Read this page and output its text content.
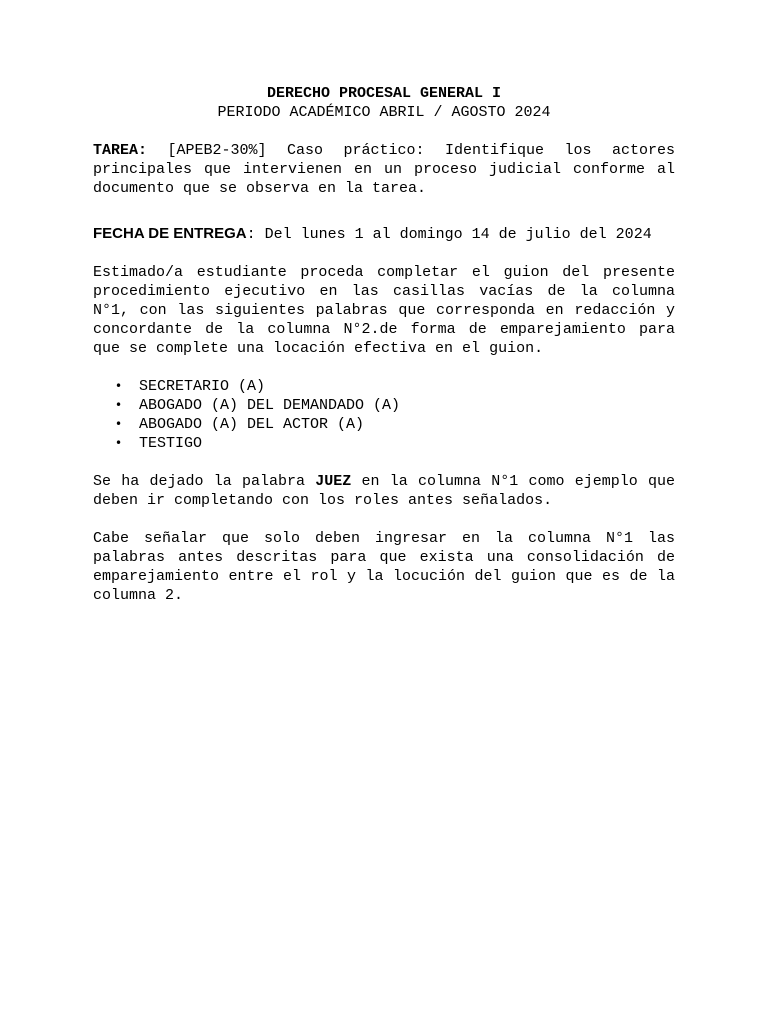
DERECHO PROCESAL GENERAL I
PERIODO ACADÉMICO ABRIL / AGOSTO 2024

TAREA: [APEB2-30%] Caso práctico: Identifique los actores principales que intervienen en un proceso judicial conforme al documento que se observa en la tarea.

FECHA DE ENTREGA: Del lunes 1 al domingo 14 de julio del 2024

Estimado/a estudiante proceda completar el guion del presente procedimiento ejecutivo en las casillas vacías de la columna N°1, con las siguientes palabras que corresponda en redacción y concordante de la columna N°2.de forma de emparejamiento para que se complete una locación efectiva en el guion.

• SECRETARIO (A)
• ABOGADO (A) DEL DEMANDADO (A)
• ABOGADO (A) DEL ACTOR (A)
• TESTIGO

Se ha dejado la palabra JUEZ en la columna N°1 como ejemplo que deben ir completando con los roles antes señalados.

Cabe señalar que solo deben ingresar en la columna N°1 las palabras antes descritas para que exista una consolidación de emparejamiento entre el rol y la locución del guion que es de la columna 2.
